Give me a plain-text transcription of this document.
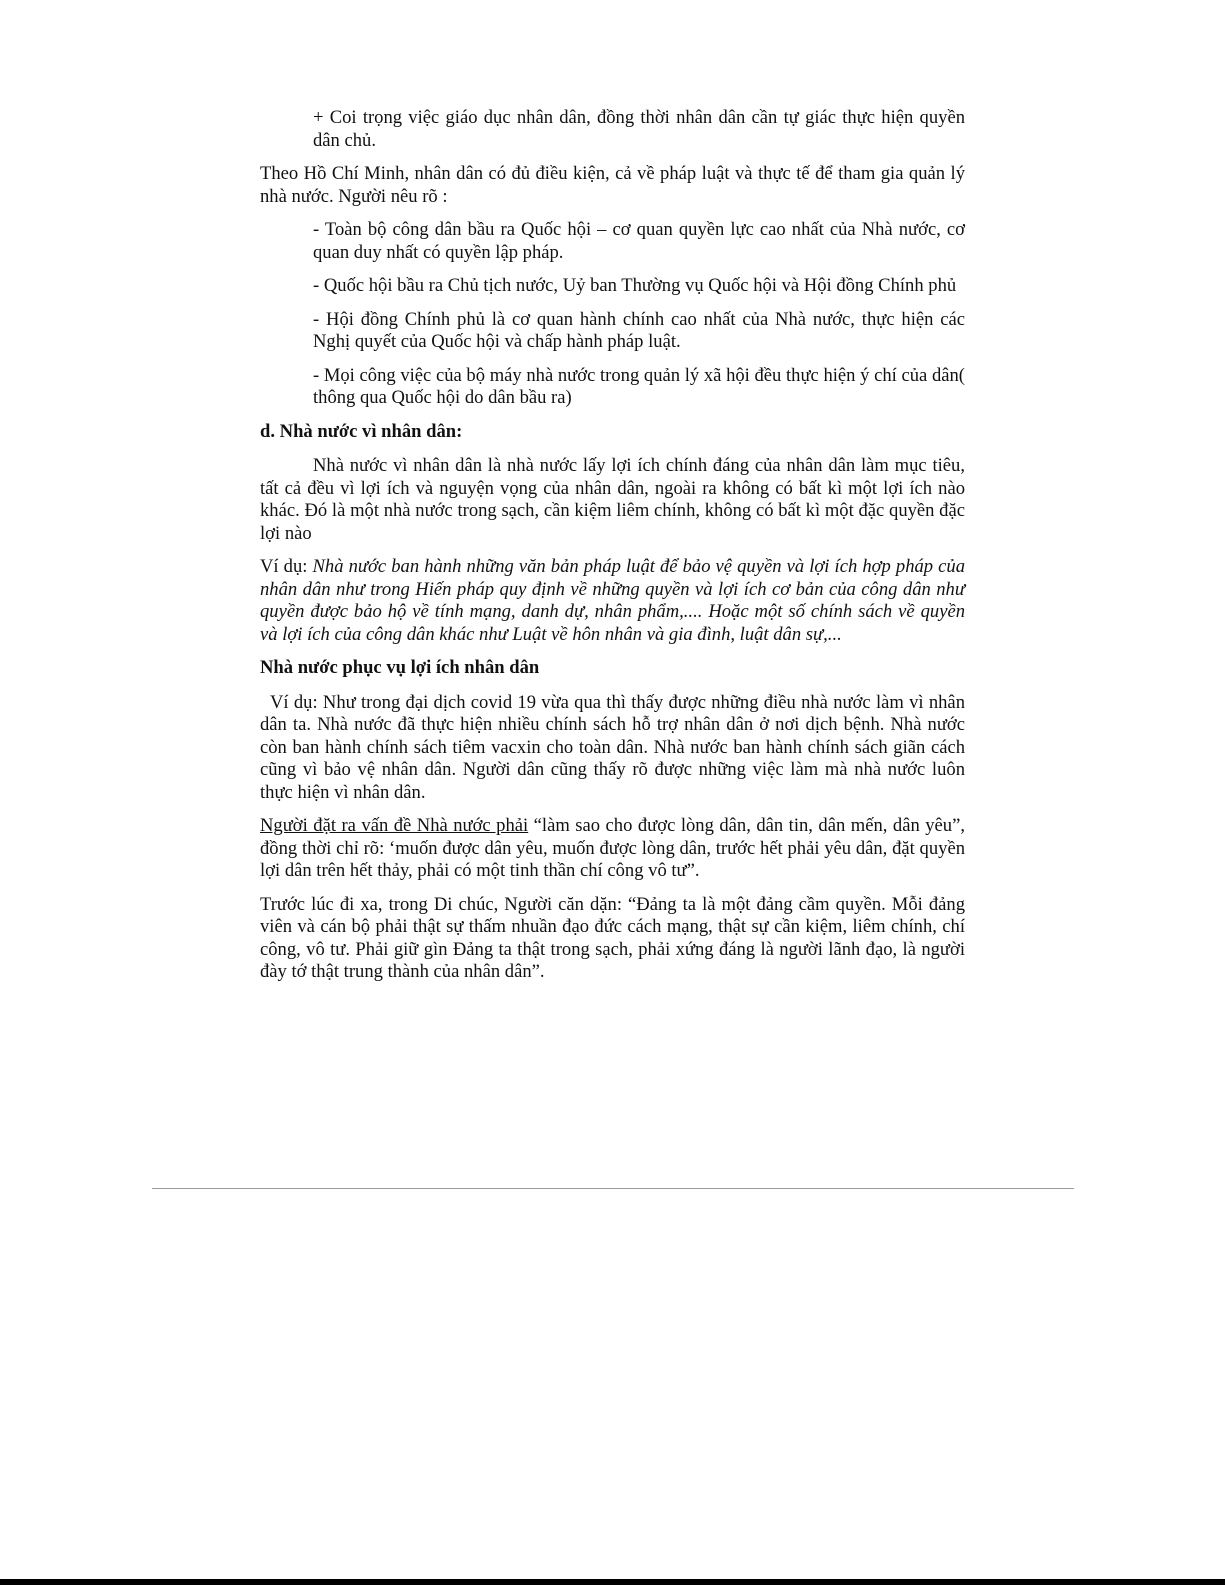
+ Coi trọng việc giáo dục nhân dân, đồng thời nhân dân cần tự giác thực hiện quyền dân chủ.

Theo Hồ Chí Minh, nhân dân có đủ điều kiện, cả về pháp luật và thực tế để tham gia quản lý nhà nước. Người nêu rõ :

- Toàn bộ công dân bầu ra Quốc hội – cơ quan quyền lực cao nhất của Nhà nước, cơ quan duy nhất có quyền lập pháp.

- Quốc hội bầu ra Chủ tịch nước, Uỷ ban Thường vụ Quốc hội và Hội đồng Chính phủ

- Hội đồng Chính phủ là cơ quan hành chính cao nhất của Nhà nước, thực hiện các Nghị quyết của Quốc hội và chấp hành pháp luật.

- Mọi công việc của bộ máy nhà nước trong quản lý xã hội đều thực hiện ý chí của dân( thông qua Quốc hội do dân bầu ra)

d. Nhà nước vì nhân dân:

Nhà nước vì nhân dân là nhà nước lấy lợi ích chính đáng của nhân dân làm mục tiêu, tất cả đều vì lợi ích và nguyện vọng của nhân dân, ngoài ra không có bất kì một lợi ích nào khác. Đó là một nhà nước trong sạch, cần kiệm liêm chính, không có bất kì một đặc quyền đặc lợi nào

Ví dụ: Nhà nước ban hành những văn bản pháp luật để bảo vệ quyền và lợi ích hợp pháp của nhân dân như trong Hiến pháp quy định về những quyền và lợi ích cơ bản của công dân như quyền được bảo hộ về tính mạng, danh dự, nhân phẩm,.... Hoặc một số chính sách về quyền và lợi ích của công dân khác như Luật về hôn nhân và gia đình, luật dân sự,...

Nhà nước phục vụ lợi ích nhân dân

Ví dụ: Như trong đại dịch covid 19 vừa qua thì thấy được những điều nhà nước làm vì nhân dân ta. Nhà nước đã thực hiện nhiều chính sách hỗ trợ nhân dân ở nơi dịch bệnh. Nhà nước còn ban hành chính sách tiêm vacxin cho toàn dân. Nhà nước ban hành chính sách giãn cách cũng vì bảo vệ nhân dân. Người dân cũng thấy rõ được những việc làm mà nhà nước luôn thực hiện vì nhân dân.

Người đặt ra vấn đề Nhà nước phải “làm sao cho được lòng dân, dân tin, dân mến, dân yêu”, đồng thời chỉ rõ: ‘muốn được dân yêu, muốn được lòng dân, trước hết phải yêu dân, đặt quyền lợi dân trên hết thảy, phải có một tinh thần chí công vô tư”.

Trước lúc đi xa, trong Di chúc, Người căn dặn: “Đảng ta là một đảng cầm quyền. Mỗi đảng viên và cán bộ phải thật sự thấm nhuần đạo đức cách mạng, thật sự cần kiệm, liêm chính, chí công, vô tư. Phải giữ gìn Đảng ta thật trong sạch, phải xứng đáng là người lãnh đạo, là người đày tớ thật trung thành của nhân dân”.
